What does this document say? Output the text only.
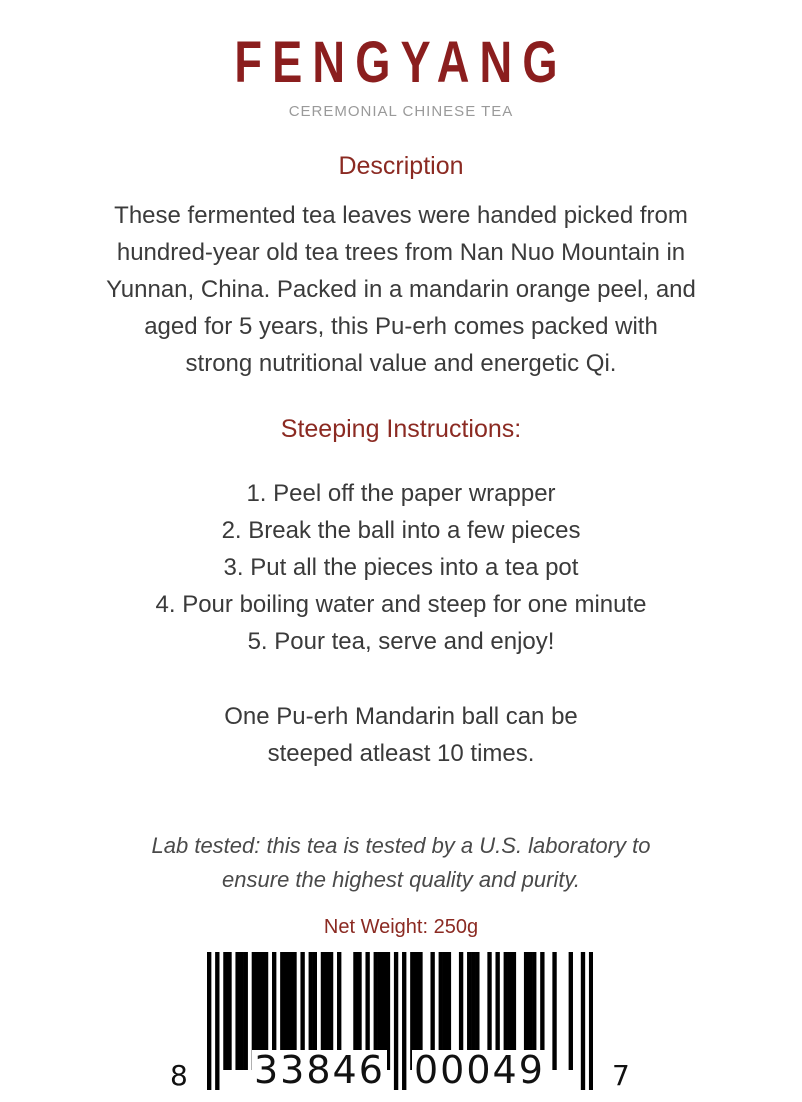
FENGYANG
CEREMONIAL CHINESE TEA
Description
These fermented tea leaves were handed picked from
hundred-year old tea trees from Nan Nuo Mountain in
Yunnan, China. Packed in a mandarin orange peel, and
aged for 5 years, this Pu-erh comes packed with
strong nutritional value and energetic Qi.
Steeping Instructions:
1. Peel off the paper wrapper
2. Break the ball into a few pieces
3. Put all the pieces into a tea pot
4. Pour boiling water and steep for one minute
5. Pour tea, serve and enjoy!
One Pu-erh Mandarin ball can be
steeped atleast 10 times.
Lab tested: this tea is tested by a U.S. laboratory to
ensure the highest quality and purity.
Net Weight: 250g
8 33846 00049 7
